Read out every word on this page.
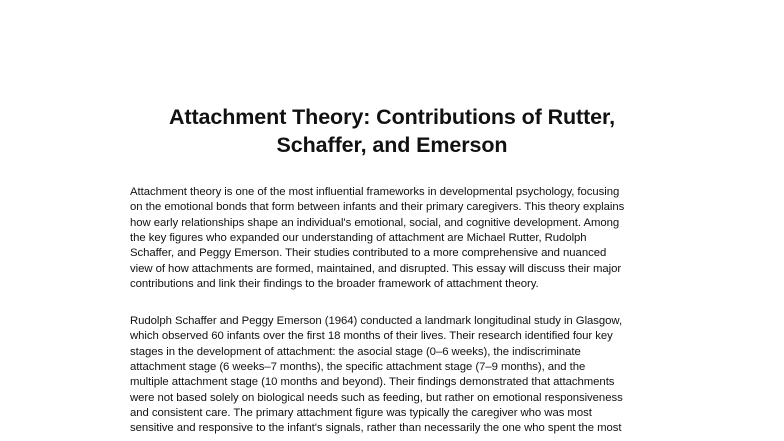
Attachment Theory: Contributions of Rutter,
Schaffer, and Emerson

Attachment theory is one of the most influential frameworks in developmental psychology, focusing
on the emotional bonds that form between infants and their primary caregivers. This theory explains
how early relationships shape an individual's emotional, social, and cognitive development. Among
the key figures who expanded our understanding of attachment are Michael Rutter, Rudolph
Schaffer, and Peggy Emerson. Their studies contributed to a more comprehensive and nuanced
view of how attachments are formed, maintained, and disrupted. This essay will discuss their major
contributions and link their findings to the broader framework of attachment theory.

Rudolph Schaffer and Peggy Emerson (1964) conducted a landmark longitudinal study in Glasgow,
which observed 60 infants over the first 18 months of their lives. Their research identified four key
stages in the development of attachment: the asocial stage (0–6 weeks), the indiscriminate
attachment stage (6 weeks–7 months), the specific attachment stage (7–9 months), and the
multiple attachment stage (10 months and beyond). Their findings demonstrated that attachments
were not based solely on biological needs such as feeding, but rather on emotional responsiveness
and consistent care. The primary attachment figure was typically the caregiver who was most
sensitive and responsive to the infant's signals, rather than necessarily the one who spent the most
